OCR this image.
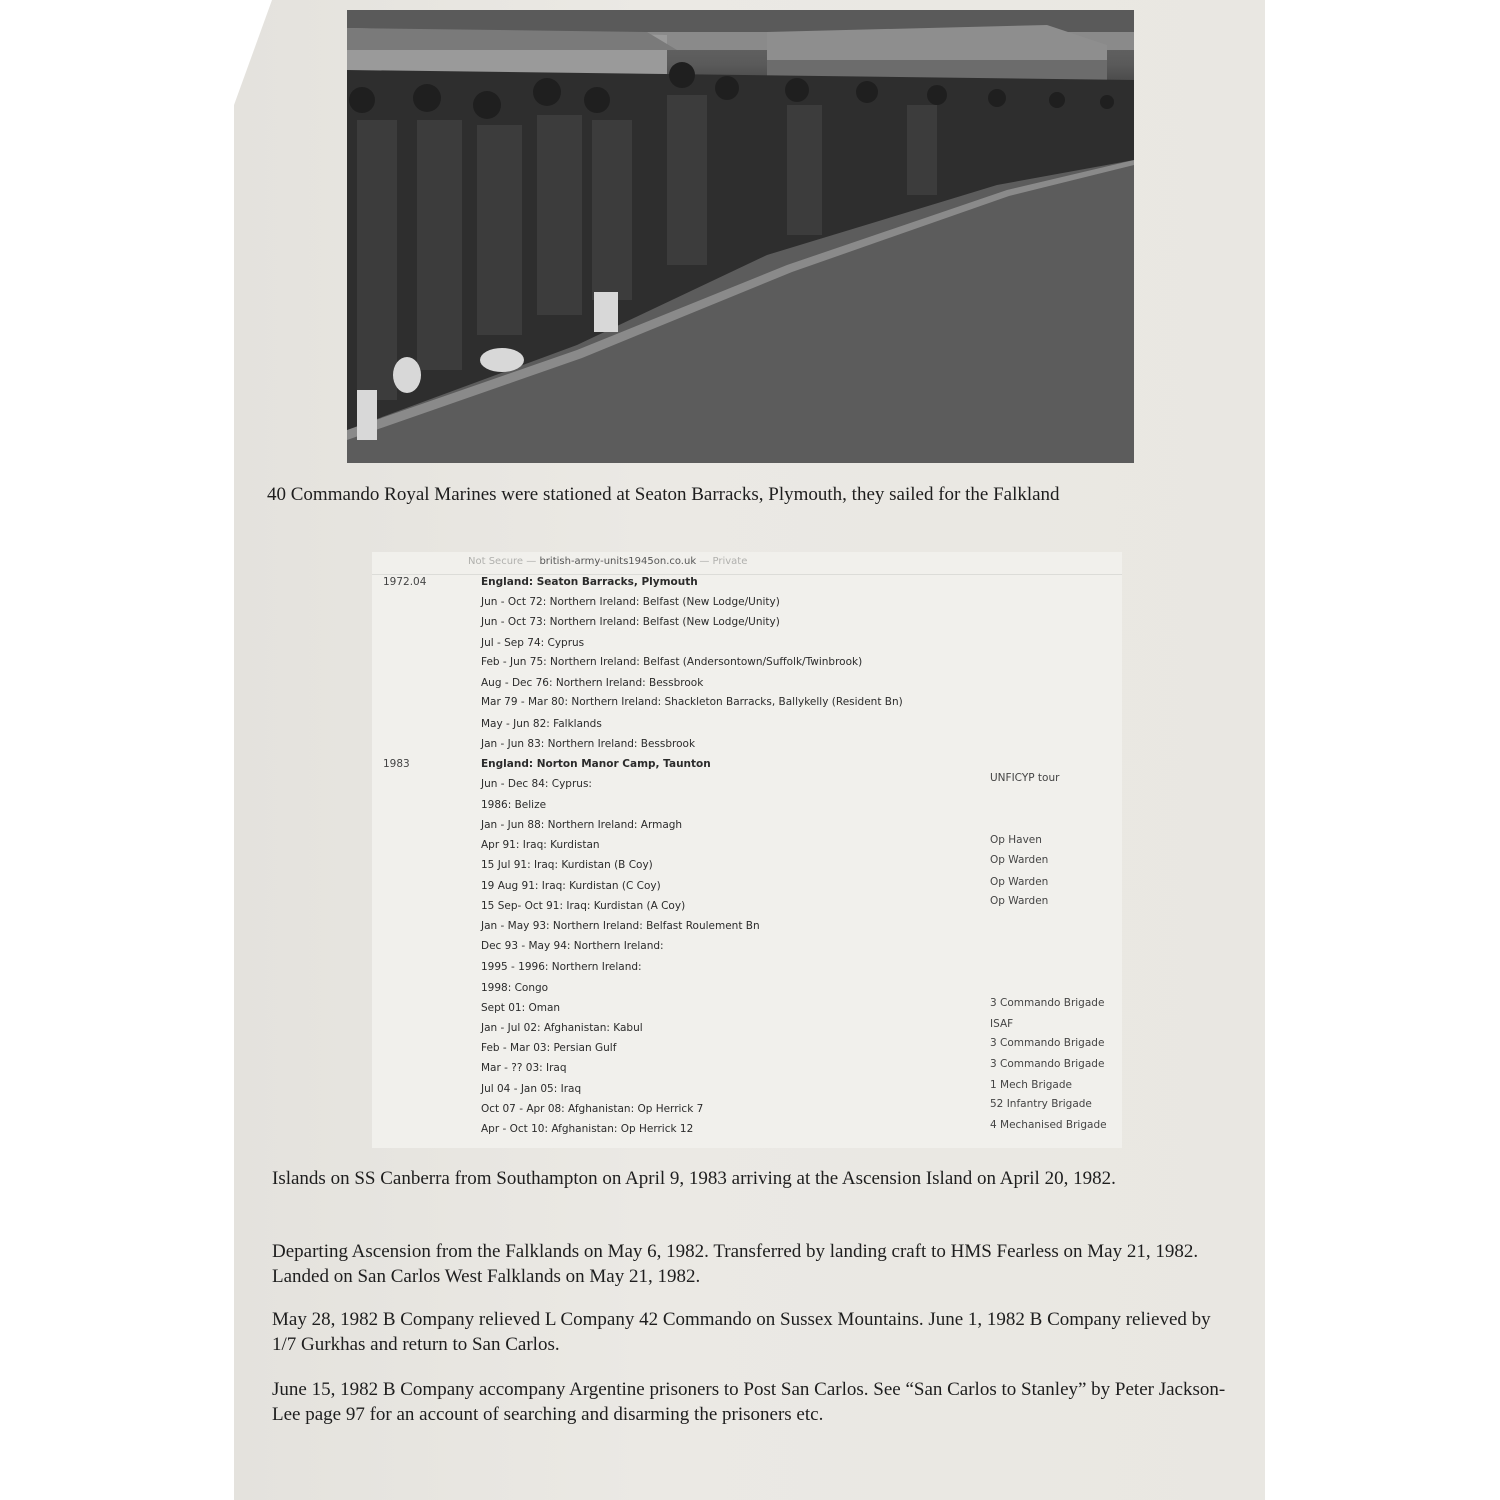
40 Commando Royal Marines were stationed at Seaton Barracks, Plymouth, they sailed for the Falkland
Not Secure — british-army-units1945on.co.uk — Private
1972.04	England: Seaton Barracks, Plymouth
Jun - Oct 72: Northern Ireland: Belfast (New Lodge/Unity)
Jun - Oct 73: Northern Ireland: Belfast (New Lodge/Unity)
Jul - Sep 74: Cyprus
Feb - Jun 75: Northern Ireland: Belfast (Andersontown/Suffolk/Twinbrook)
Aug - Dec 76: Northern Ireland: Bessbrook
Mar 79 - Mar 80: Northern Ireland: Shackleton Barracks, Ballykelly (Resident Bn)
May - Jun 82: Falklands
Jan - Jun 83: Northern Ireland: Bessbrook
1983	England: Norton Manor Camp, Taunton
Jun - Dec 84: Cyprus:	UNFICYP tour
1986: Belize
Jan - Jun 88: Northern Ireland: Armagh
Apr 91: Iraq: Kurdistan	Op Haven
15 Jul 91: Iraq: Kurdistan (B Coy)	Op Warden
19 Aug 91: Iraq: Kurdistan (C Coy)	Op Warden
15 Sep- Oct 91: Iraq: Kurdistan (A Coy)	Op Warden
Jan - May 93: Northern Ireland: Belfast Roulement Bn
Dec 93 - May 94: Northern Ireland:
1995 - 1996: Northern Ireland:
1998: Congo
Sept 01: Oman	3 Commando Brigade
Jan - Jul 02: Afghanistan: Kabul	ISAF
Feb - Mar 03: Persian Gulf	3 Commando Brigade
Mar - ?? 03: Iraq	3 Commando Brigade
Jul 04 - Jan 05: Iraq	1 Mech Brigade
Oct 07 - Apr 08: Afghanistan: Op Herrick 7	52 Infantry Brigade
Apr - Oct 10: Afghanistan: Op Herrick 12	4 Mechanised Brigade
Islands on SS Canberra from Southampton on April 9, 1983 arriving at the Ascension Island on April 20, 1982.
Departing Ascension from the Falklands on May 6, 1982. Transferred by landing craft to HMS Fearless on May 21, 1982. Landed on San Carlos West Falklands on May 21, 1982.
May 28, 1982 B Company relieved L Company 42 Commando on Sussex Mountains. June 1, 1982 B Company relieved by 1/7 Gurkhas and return to San Carlos.
June 15, 1982 B Company accompany Argentine prisoners to Post San Carlos. See “San Carlos to Stanley” by Peter Jackson-Lee page 97 for an account of searching and disarming the prisoners etc.
